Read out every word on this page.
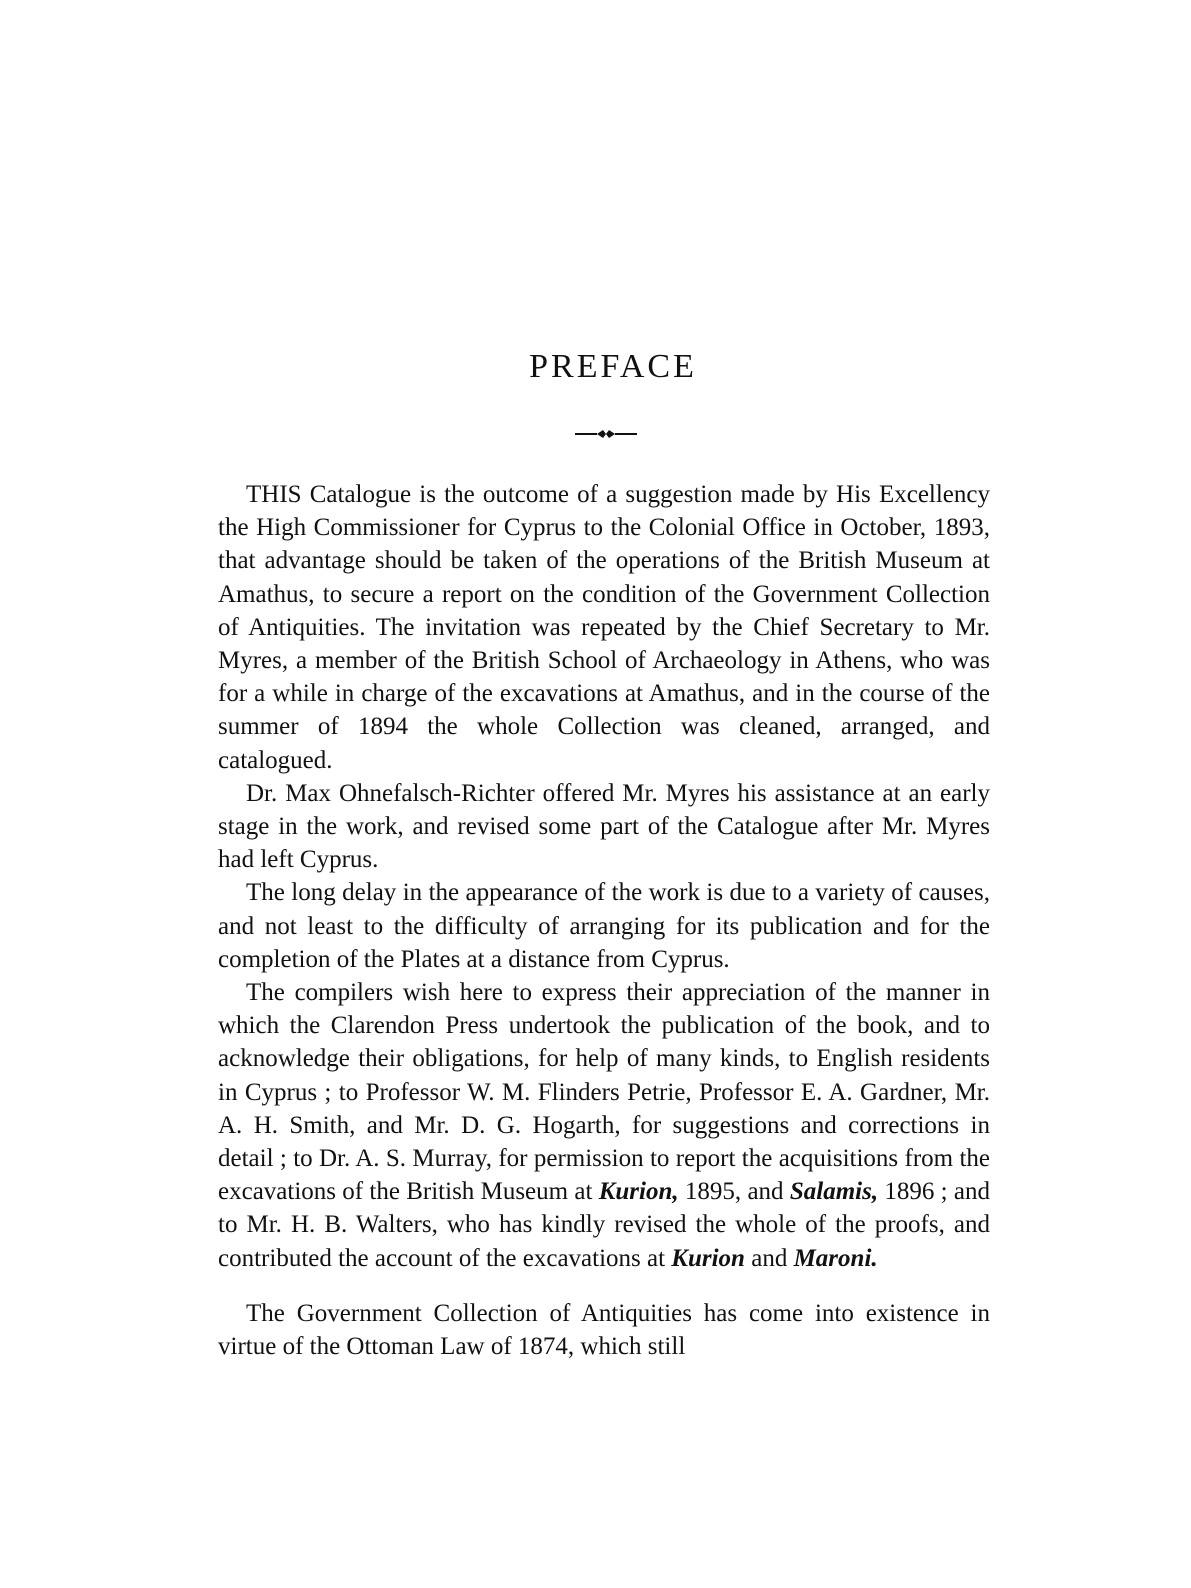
PREFACE

THIS Catalogue is the outcome of a suggestion made by His Excellency the High Commissioner for Cyprus to the Colonial Office in October, 1893, that advantage should be taken of the operations of the British Museum at Amathus, to secure a report on the condition of the Government Collection of Antiquities. The invitation was repeated by the Chief Secretary to Mr. Myres, a member of the British School of Archaeology in Athens, who was for a while in charge of the excavations at Amathus, and in the course of the summer of 1894 the whole Collection was cleaned, arranged, and catalogued.

Dr. Max Ohnefalsch-Richter offered Mr. Myres his assistance at an early stage in the work, and revised some part of the Catalogue after Mr. Myres had left Cyprus.

The long delay in the appearance of the work is due to a variety of causes, and not least to the difficulty of arranging for its publication and for the completion of the Plates at a distance from Cyprus.

The compilers wish here to express their appreciation of the manner in which the Clarendon Press undertook the publication of the book, and to acknowledge their obligations, for help of many kinds, to English residents in Cyprus ; to Professor W. M. Flinders Petrie, Professor E. A. Gardner, Mr. A. H. Smith, and Mr. D. G. Hogarth, for suggestions and corrections in detail ; to Dr. A. S. Murray, for permission to report the acquisitions from the excavations of the British Museum at Kurion, 1895, and Salamis, 1896 ; and to Mr. H. B. Walters, who has kindly revised the whole of the proofs, and contributed the account of the excavations at Kurion and Maroni.

The Government Collection of Antiquities has come into existence in virtue of the Ottoman Law of 1874, which still
